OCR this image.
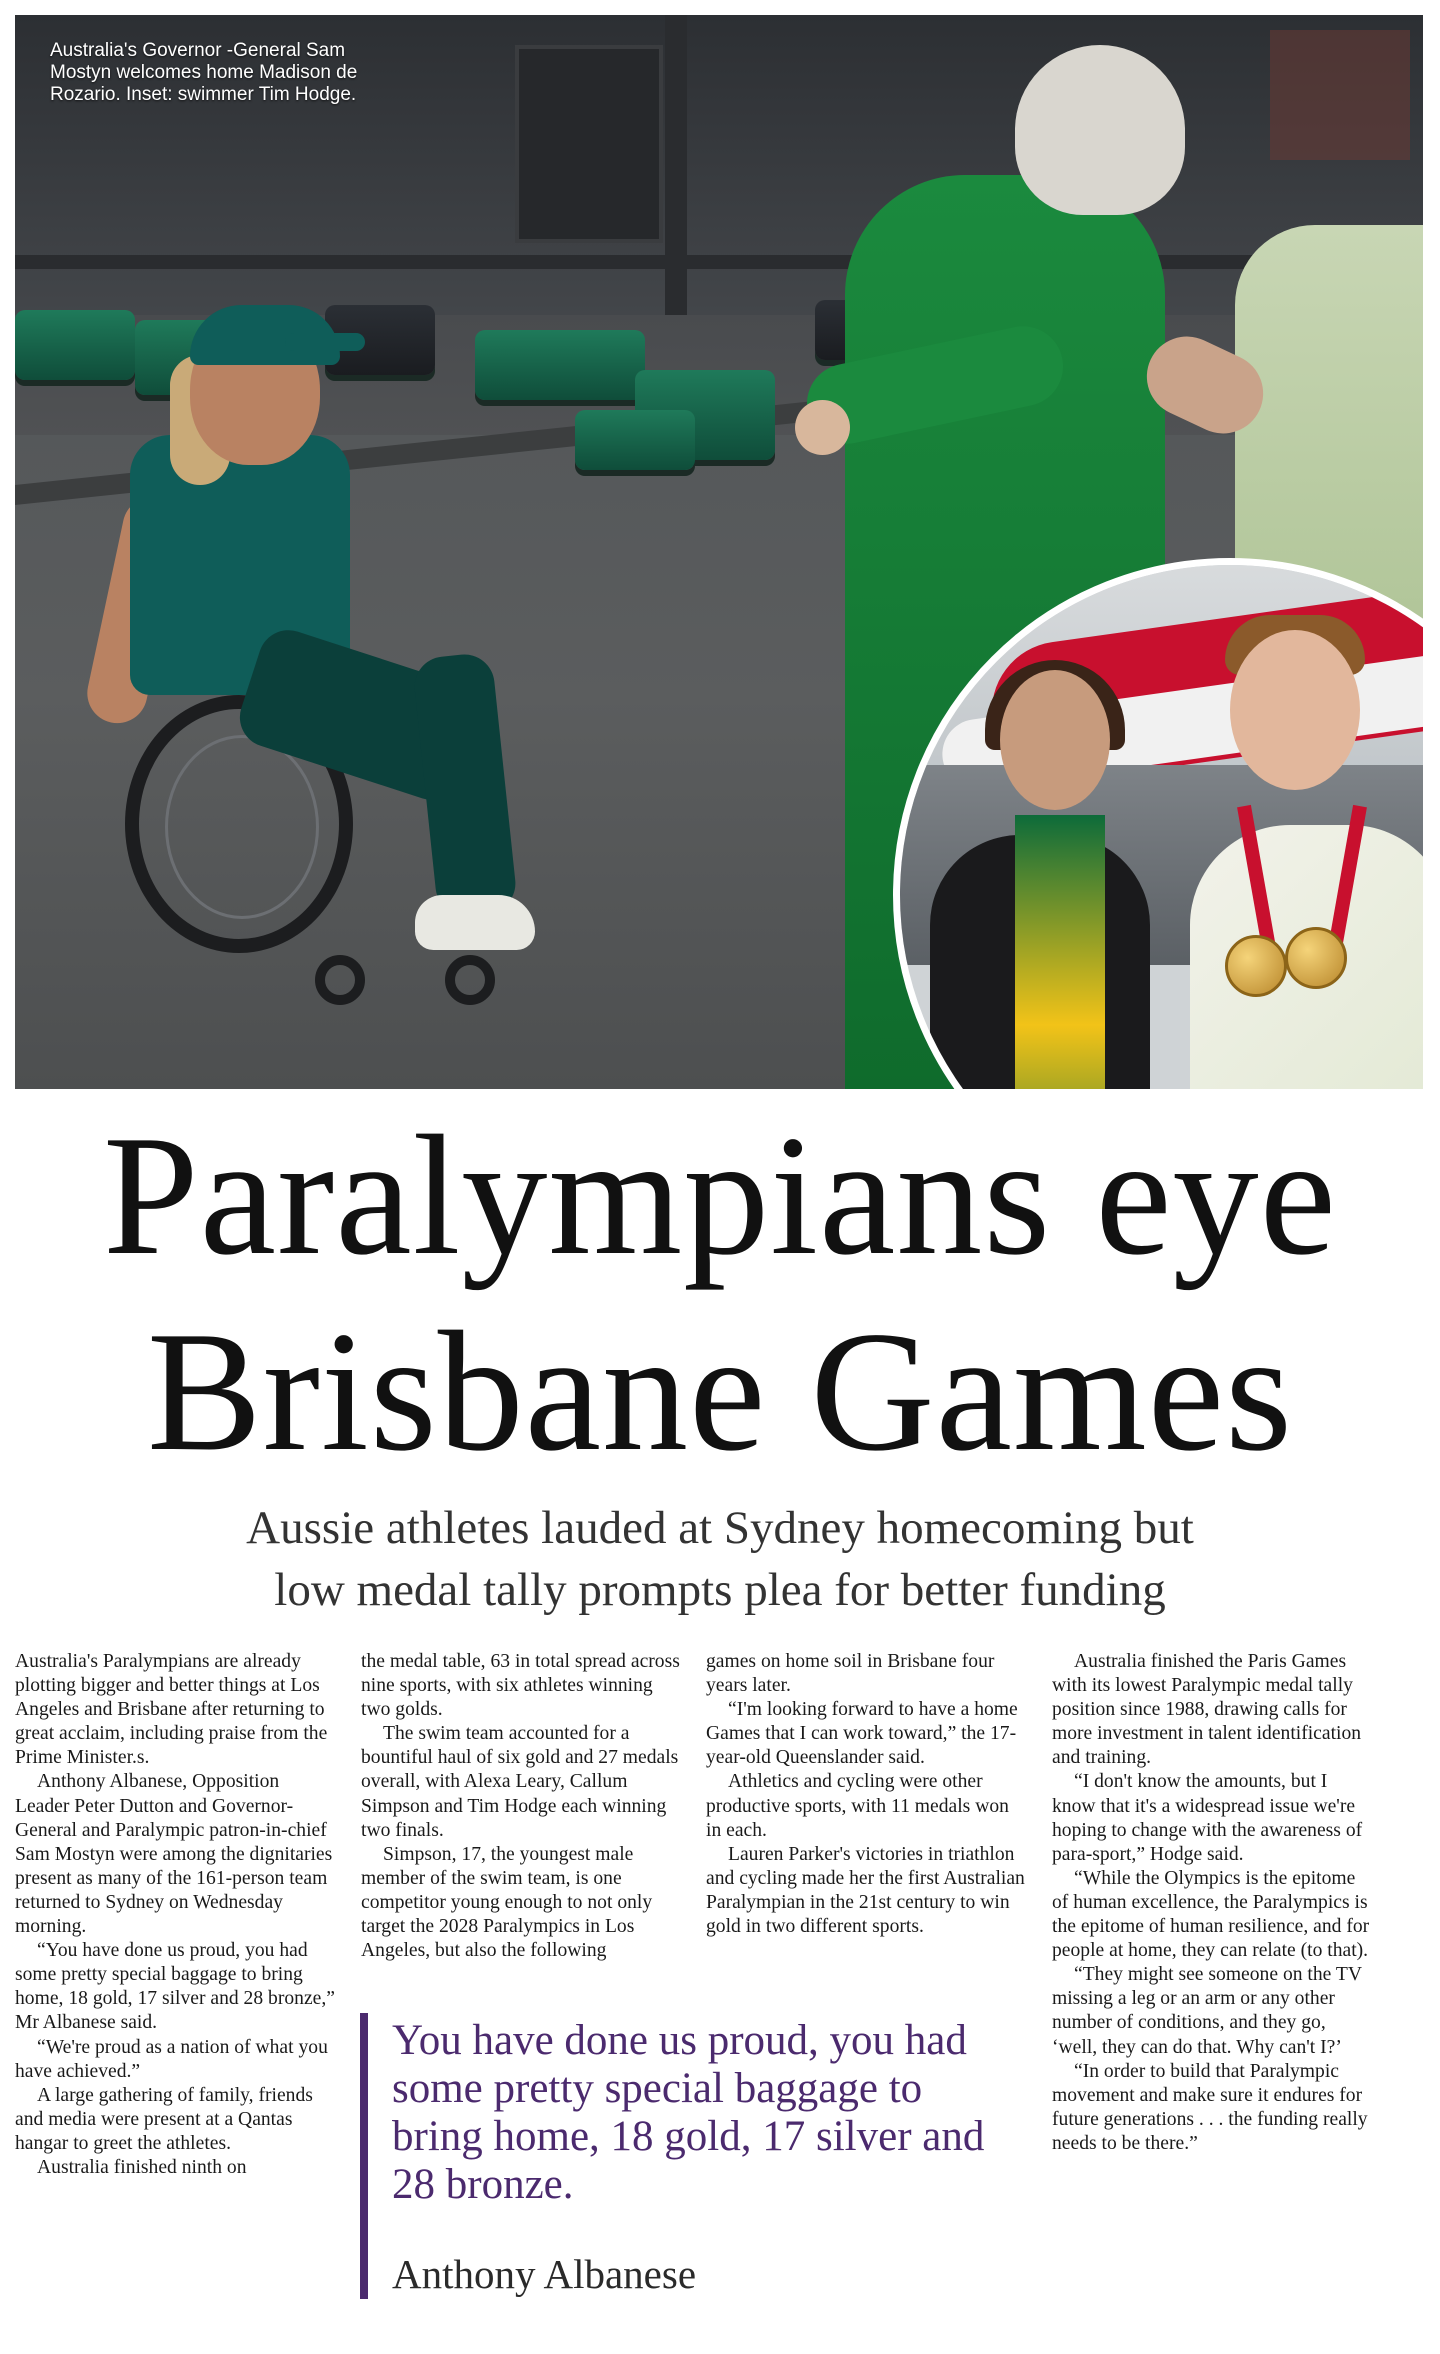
Australia's Governor -General Sam Mostyn welcomes home Madison de Rozario. Inset: swimmer Tim Hodge.

Paralympians eye
Brisbane Games

Aussie athletes lauded at Sydney homecoming but
low medal tally prompts plea for better funding

Australia's Paralympians are already plotting bigger and better things at Los Angeles and Brisbane after returning to great acclaim, including praise from the Prime Minister.s.

Anthony Albanese, Opposition Leader Peter Dutton and Governor-General and Paralympic patron-in-chief Sam Mostyn were among the dignitaries present as many of the 161-person team returned to Sydney on Wednesday morning.

“You have done us proud, you had some pretty special baggage to bring home, 18 gold, 17 silver and 28 bronze,” Mr Albanese said.

“We're proud as a nation of what you have achieved.”

A large gathering of family, friends and media were present at a Qantas hangar to greet the athletes.

Australia finished ninth on

the medal table, 63 in total spread across nine sports, with six athletes winning two golds.

The swim team accounted for a bountiful haul of six gold and 27 medals overall, with Alexa Leary, Callum Simpson and Tim Hodge each winning two finals.

Simpson, 17, the youngest male member of the swim team, is one competitor young enough to not only target the 2028 Paralympics in Los Angeles, but also the following

games on home soil in Brisbane four years later.

“I'm looking forward to have a home Games that I can work toward,” the 17-year-old Queenslander said.

Athletics and cycling were other productive sports, with 11 medals won in each.

Lauren Parker's victories in triathlon and cycling made her the first Australian Paralympian in the 21st century to win gold in two different sports.

Australia finished the Paris Games with its lowest Paralympic medal tally position since 1988, drawing calls for more investment in talent identification and training.

“I don't know the amounts, but I know that it's a widespread issue we're hoping to change with the awareness of para-sport,” Hodge said.

“While the Olympics is the epitome of human excellence, the Paralympics is the epitome of human resilience, and for people at home, they can relate (to that).

“They might see someone on the TV missing a leg or an arm or any other number of conditions, and they go, ‘well, they can do that. Why can't I?’

“In order to build that Paralympic movement and make sure it endures for future generations . . . the funding really needs to be there.”

You have done us proud, you had some pretty special baggage to bring home, 18 gold, 17 silver and 28 bronze.

Anthony Albanese
